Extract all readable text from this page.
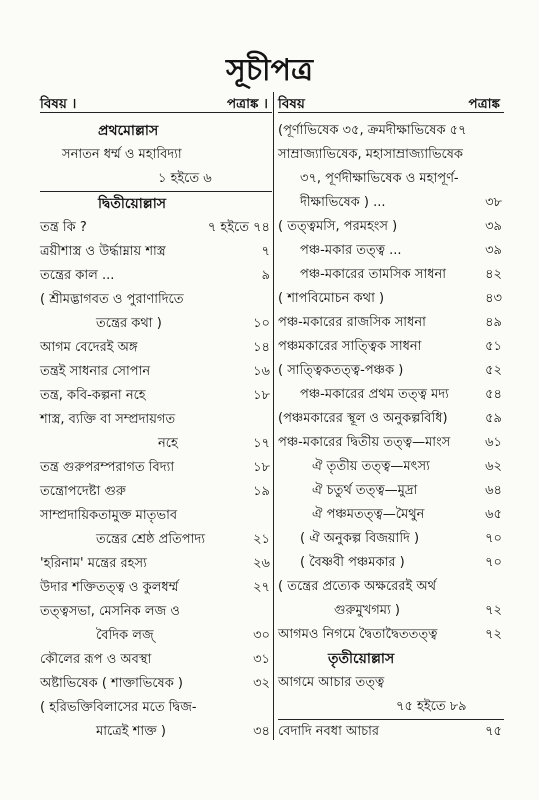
সূচীপত্র
বিষয় ।	পত্রাঙ্ক ।
প্রথমোল্লাস
সনাতন ধর্ম্ম ও মহাবিদ্যা
১ হইতে ৬
দ্বিতীয়োল্লাস
তন্ত্র কি ?	৭ হইতে ৭৪
ত্রয়ীশাস্ত্র ও উর্দ্ধাম্নায় শাস্ত্র	৭
তন্ত্রের কাল ...	৯
( শ্রীমদ্ভাগবত ও পুরাণাদিতে
তন্ত্রের কথা )	১০
আগম বেদেরই অঙ্গ	১৪
তন্ত্রই সাধনার সোপান	১৬
তন্ত্র, কবি-কল্পনা নহে	১৮
শাস্ত্র, ব্যক্তি বা সম্প্রদায়গত
নহে	১৭
তন্ত্র গুরুপরম্পরাগত বিদ্যা	১৮
তন্ত্রোপদেষ্টা গুরু	১৯
সাম্প্রদায়িকতামুক্ত মাতৃভাব
তন্ত্রের শ্রেষ্ঠ প্রতিপাদ্য	২১
'হরিনাম' মন্ত্রের রহস্য	২৬
উদার শক্তিতত্ত্ব ও কুলধর্ম্ম	২৭
তত্ত্বসভা, মেসনিক লজ ও
বৈদিক লজ্	৩০
কৌলের রূপ ও অবস্থা	৩১
অষ্টাভিষেক ( শাক্তাভিষেক )	৩২
( হরিভক্তিবিলাসের মতে দ্বিজ-
মাত্রেই শাক্ত )	৩৪
বিষয়	পত্রাঙ্ক
(পূর্ণাভিষেক ৩৫, ক্রমদীক্ষাভিষেক ৫৭
সাম্রাজ্যাভিষেক, মহাসাম্রাজ্যাভিষেক
৩৭, পূর্ণদীক্ষাভিষেক ও মহাপূর্ণ-
দীক্ষাভিষেক ) ...	৩৮
( তত্ত্বমসি, পরমহংস )	৩৯
পঞ্চ-মকার তত্ত্ব ...	৩৯
পঞ্চ-মকারের তামসিক সাধনা	৪২
( শাপবিমোচন কথা )	৪৩
পঞ্চ-মকারের রাজসিক সাধনা	৪৯
পঞ্চমকারের সাত্ত্বিক সাধনা	৫১
( সাত্ত্বিকতত্ত্ব-পঞ্চক )	৫২
পঞ্চ-মকারের প্রথম তত্ত্ব মদ্য	৫৪
(পঞ্চমকারের স্থূল ও অনুকল্পবিধি)	৫৯
পঞ্চ-মকারের দ্বিতীয় তত্ত্ব—মাংস	৬১
ঐ তৃতীয় তত্ত্ব—মৎস্য	৬২
ঐ চতুর্থ তত্ত্ব—মুদ্রা	৬৪
ঐ পঞ্চমতত্ত্ব—মৈথুন	৬৫
( ঐ অনুকল্প বিজয়াদি )	৭০
( বৈষ্ণবী পঞ্চমকার )	৭০
( তন্ত্রের প্রত্যেক অক্ষরেরই অর্থ
গুরুমুখগম্য )	৭২
আগমও নিগমে দ্বৈতাদ্বৈততত্ত্ব	৭২
তৃতীয়োল্লাস
আগমে আচার তত্ত্ব
৭৫ হইতে ৮৯
বেদাদি নবধা আচার	৭৫
